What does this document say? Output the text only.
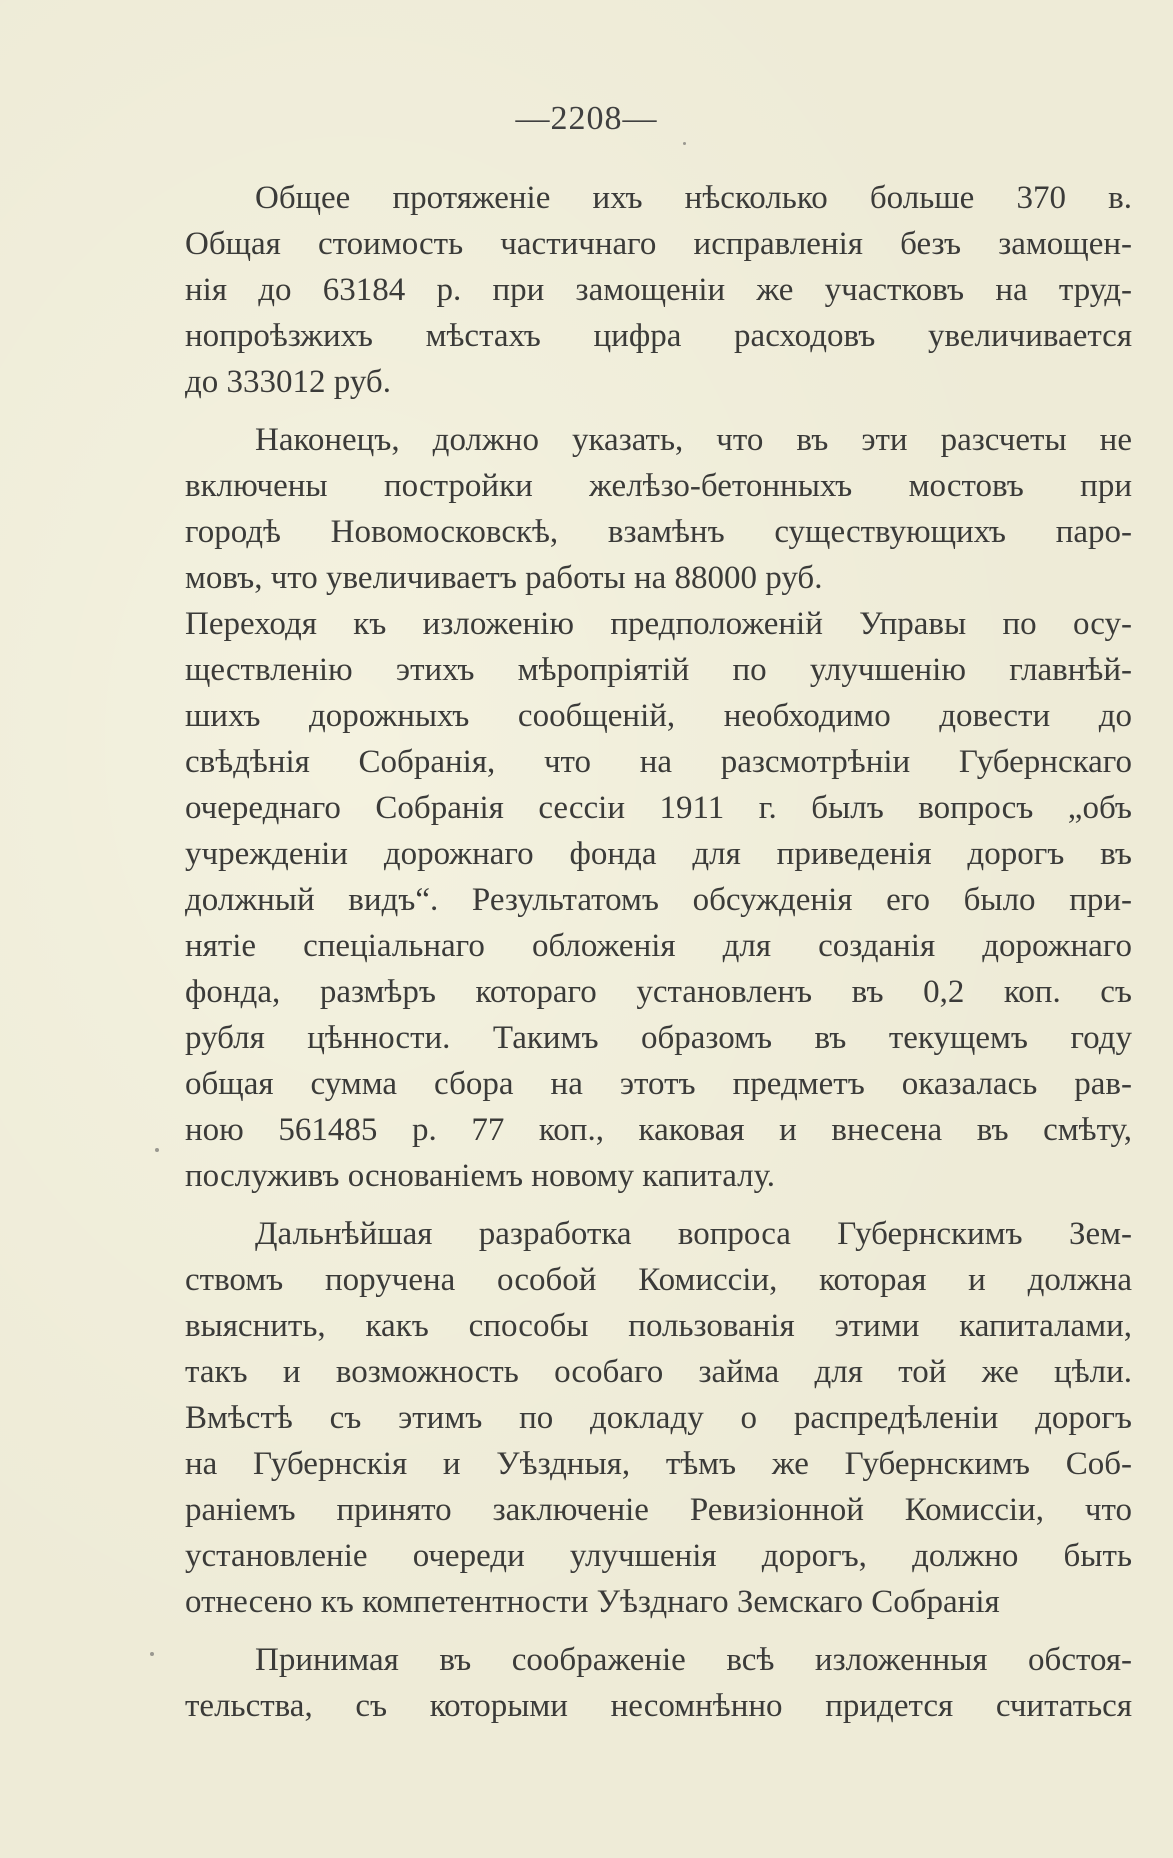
—2208—
Общее протяженіе ихъ нѣсколько больше 370 в.
Общая стоимость частичнаго исправленія безъ замощен-
нія до 63184 р. при замощеніи же участковъ на труд-
нопроѣзжихъ мѣстахъ цифра расходовъ увеличивается
до 333012 руб.
Наконецъ, должно указать, что въ эти разсчеты не
включены постройки желѣзо-бетонныхъ мостовъ при
городѣ Новомосковскѣ, взамѣнъ существующихъ паро-
мовъ, что увеличиваетъ работы на 88000 руб.
Переходя къ изложенію предположеній Управы по осу-
ществленію этихъ мѣропріятій по улучшенію главнѣй-
шихъ дорожныхъ сообщеній, необходимо довести до
свѣдѣнія Собранія, что на разсмотрѣніи Губернскаго
очереднаго Собранія сессіи 1911 г. былъ вопросъ „объ
учрежденіи дорожнаго фонда для приведенія дорогъ въ
должный видъ“. Результатомъ обсужденія его было при-
нятіе спеціальнаго обложенія для созданія дорожнаго
фонда, размѣръ котораго установленъ въ 0,2 коп. съ
рубля цѣнности. Такимъ образомъ въ текущемъ году
общая сумма сбора на этотъ предметъ оказалась рав-
ною 561485 р. 77 коп., каковая и внесена въ смѣту,
послуживъ основаніемъ новому капиталу.
Дальнѣйшая разработка вопроса Губернскимъ Зем-
ствомъ поручена особой Комиссіи, которая и должна
выяснить, какъ способы пользованія этими капиталами,
такъ и возможность особаго займа для той же цѣли.
Вмѣстѣ съ этимъ по докладу о распредѣленіи дорогъ
на Губернскія и Уѣздныя, тѣмъ же Губернскимъ Соб-
раніемъ принято заключеніе Ревизіонной Комиссіи, что
установленіе очереди улучшенія дорогъ, должно быть
отнесено къ компетентности Уѣзднаго Земскаго Собранія
Принимая въ соображеніе всѣ изложенныя обстоя-
тельства, съ которыми несомнѣнно придется считаться
